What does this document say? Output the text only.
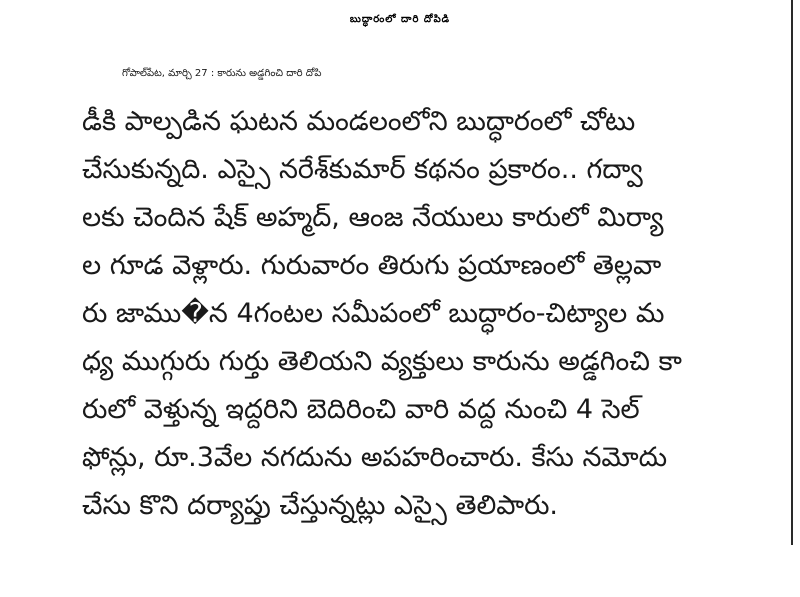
బుద్ధారంలో దారి దోపిడి
గోపాల్‌పేట, మార్చి 27 : కారును అడ్డగించి దారి దోపి
డీకి పాల్పడిన ఘటన మండలంలోని బుద్ధారంలో చోటు
చేసుకున్నది. ఎస్సై నరేశ్‌కుమార్ కథనం ప్రకారం.. గద్వా
లకు చెందిన షేక్ అహ్మద్, ఆంజ నేయులు కారులో మిర్యా
ల గూడ వెళ్లారు. గురువారం తిరుగు ప్రయాణంలో తెల్లవా
రు జాము�న 4గంటల సమీపంలో బుద్ధారం-చిట్యాల మ
ధ్య ముగ్గురు గుర్తు తెలియని వ్యక్తులు కారును అడ్డగించి కా
రులో వెళ్తున్న ఇద్దరిని బెదిరించి వారి వద్ద నుంచి 4 సెల్
ఫోన్లు, రూ.3వేల నగదును అపహరించారు. కేసు నమోదు
చేసు కొని దర్యాప్తు చేస్తున్నట్లు ఎస్సై తెలిపారు.
